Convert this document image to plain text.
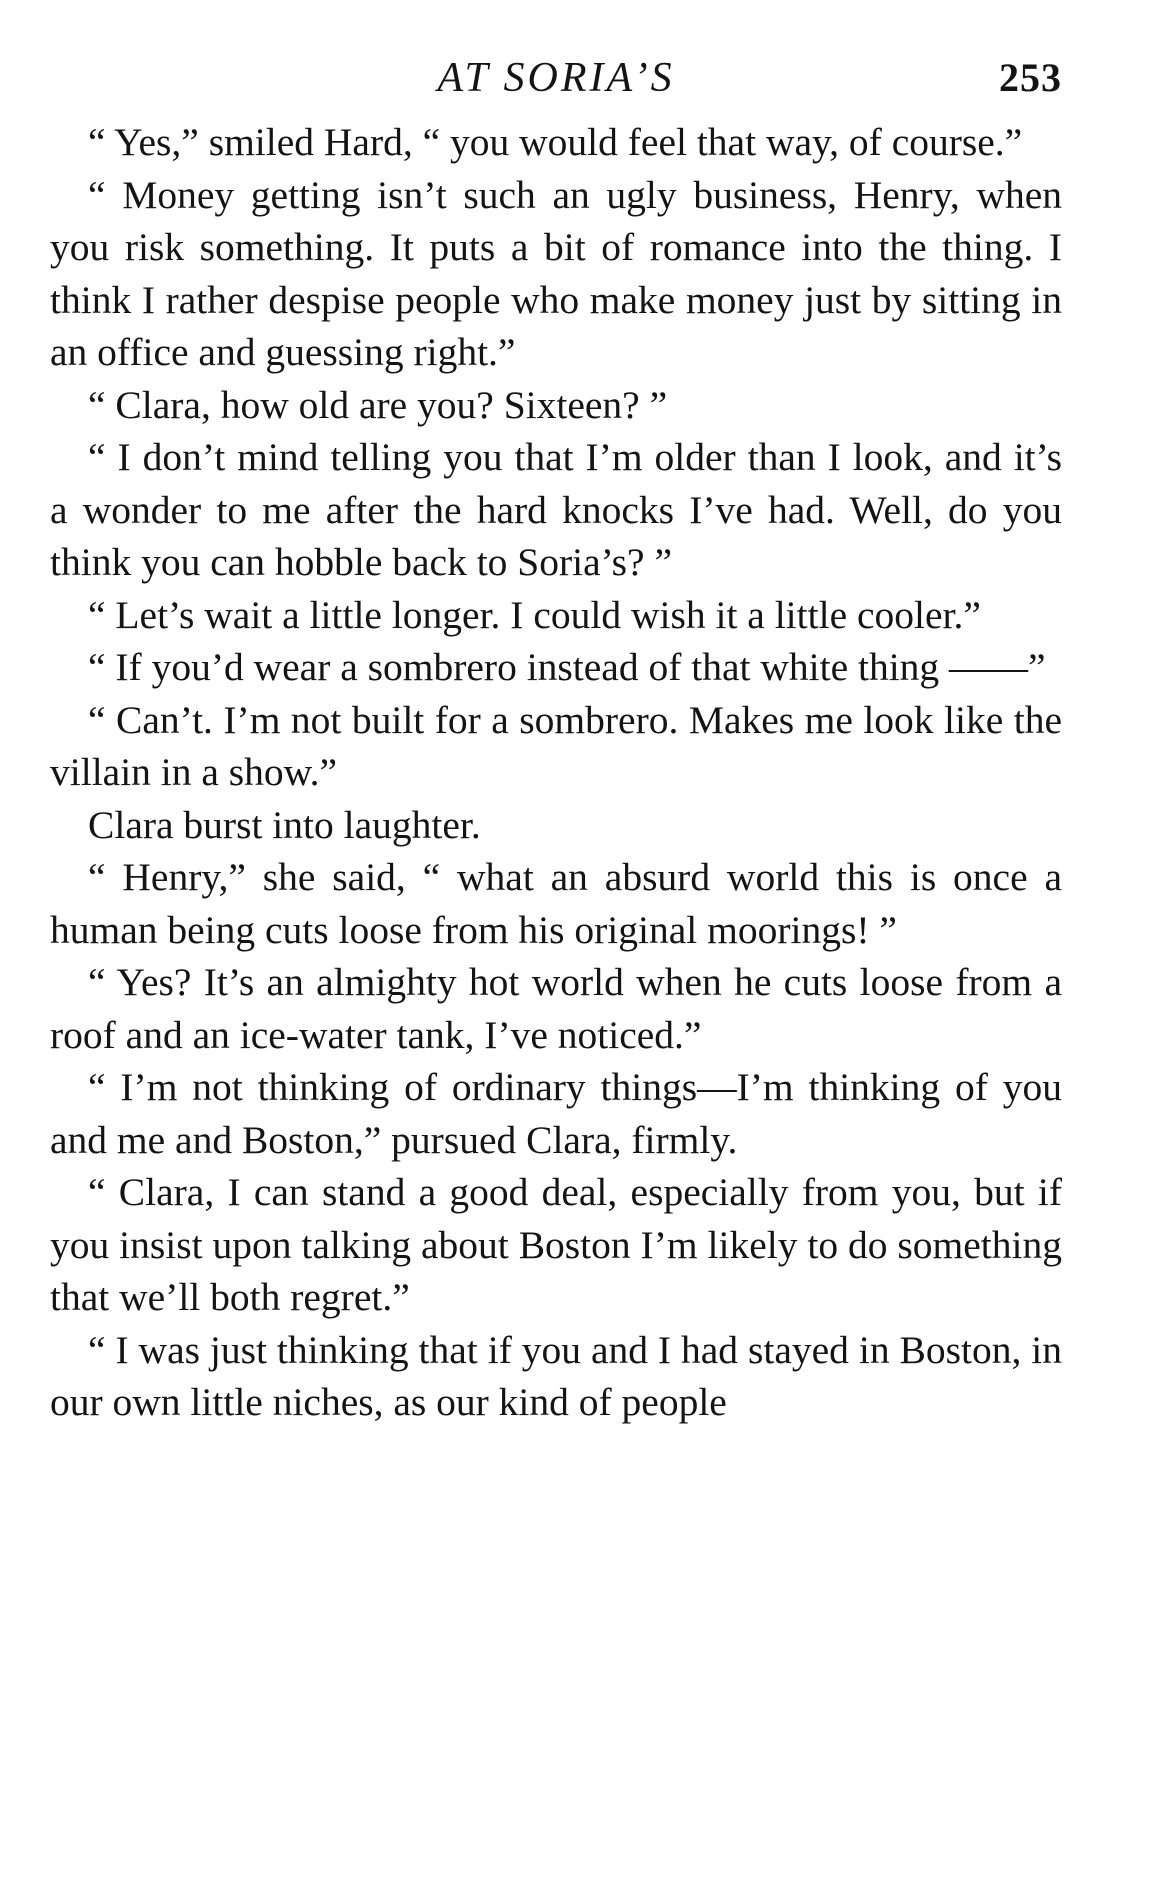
AT SORIA’S	253

“ Yes,” smiled Hard, “ you would feel that way, of course.”

“ Money getting isn’t such an ugly business, Henry, when you risk something. It puts a bit of romance into the thing. I think I rather despise people who make money just by sitting in an office and guessing right.”

“ Clara, how old are you? Sixteen? ”

“ I don’t mind telling you that I’m older than I look, and it’s a wonder to me after the hard knocks I’ve had. Well, do you think you can hobble back to Soria’s? ”

“ Let’s wait a little longer. I could wish it a little cooler.”

“ If you’d wear a sombrero instead of that white thing ——”

“ Can’t. I’m not built for a sombrero. Makes me look like the villain in a show.”

Clara burst into laughter.

“ Henry,” she said, “ what an absurd world this is once a human being cuts loose from his original moorings! ”

“ Yes? It’s an almighty hot world when he cuts loose from a roof and an ice-water tank, I’ve noticed.”

“ I’m not thinking of ordinary things—I’m thinking of you and me and Boston,” pursued Clara, firmly.

“ Clara, I can stand a good deal, especially from you, but if you insist upon talking about Boston I’m likely to do something that we’ll both regret.”

“ I was just thinking that if you and I had stayed in Boston, in our own little niches, as our kind of people
